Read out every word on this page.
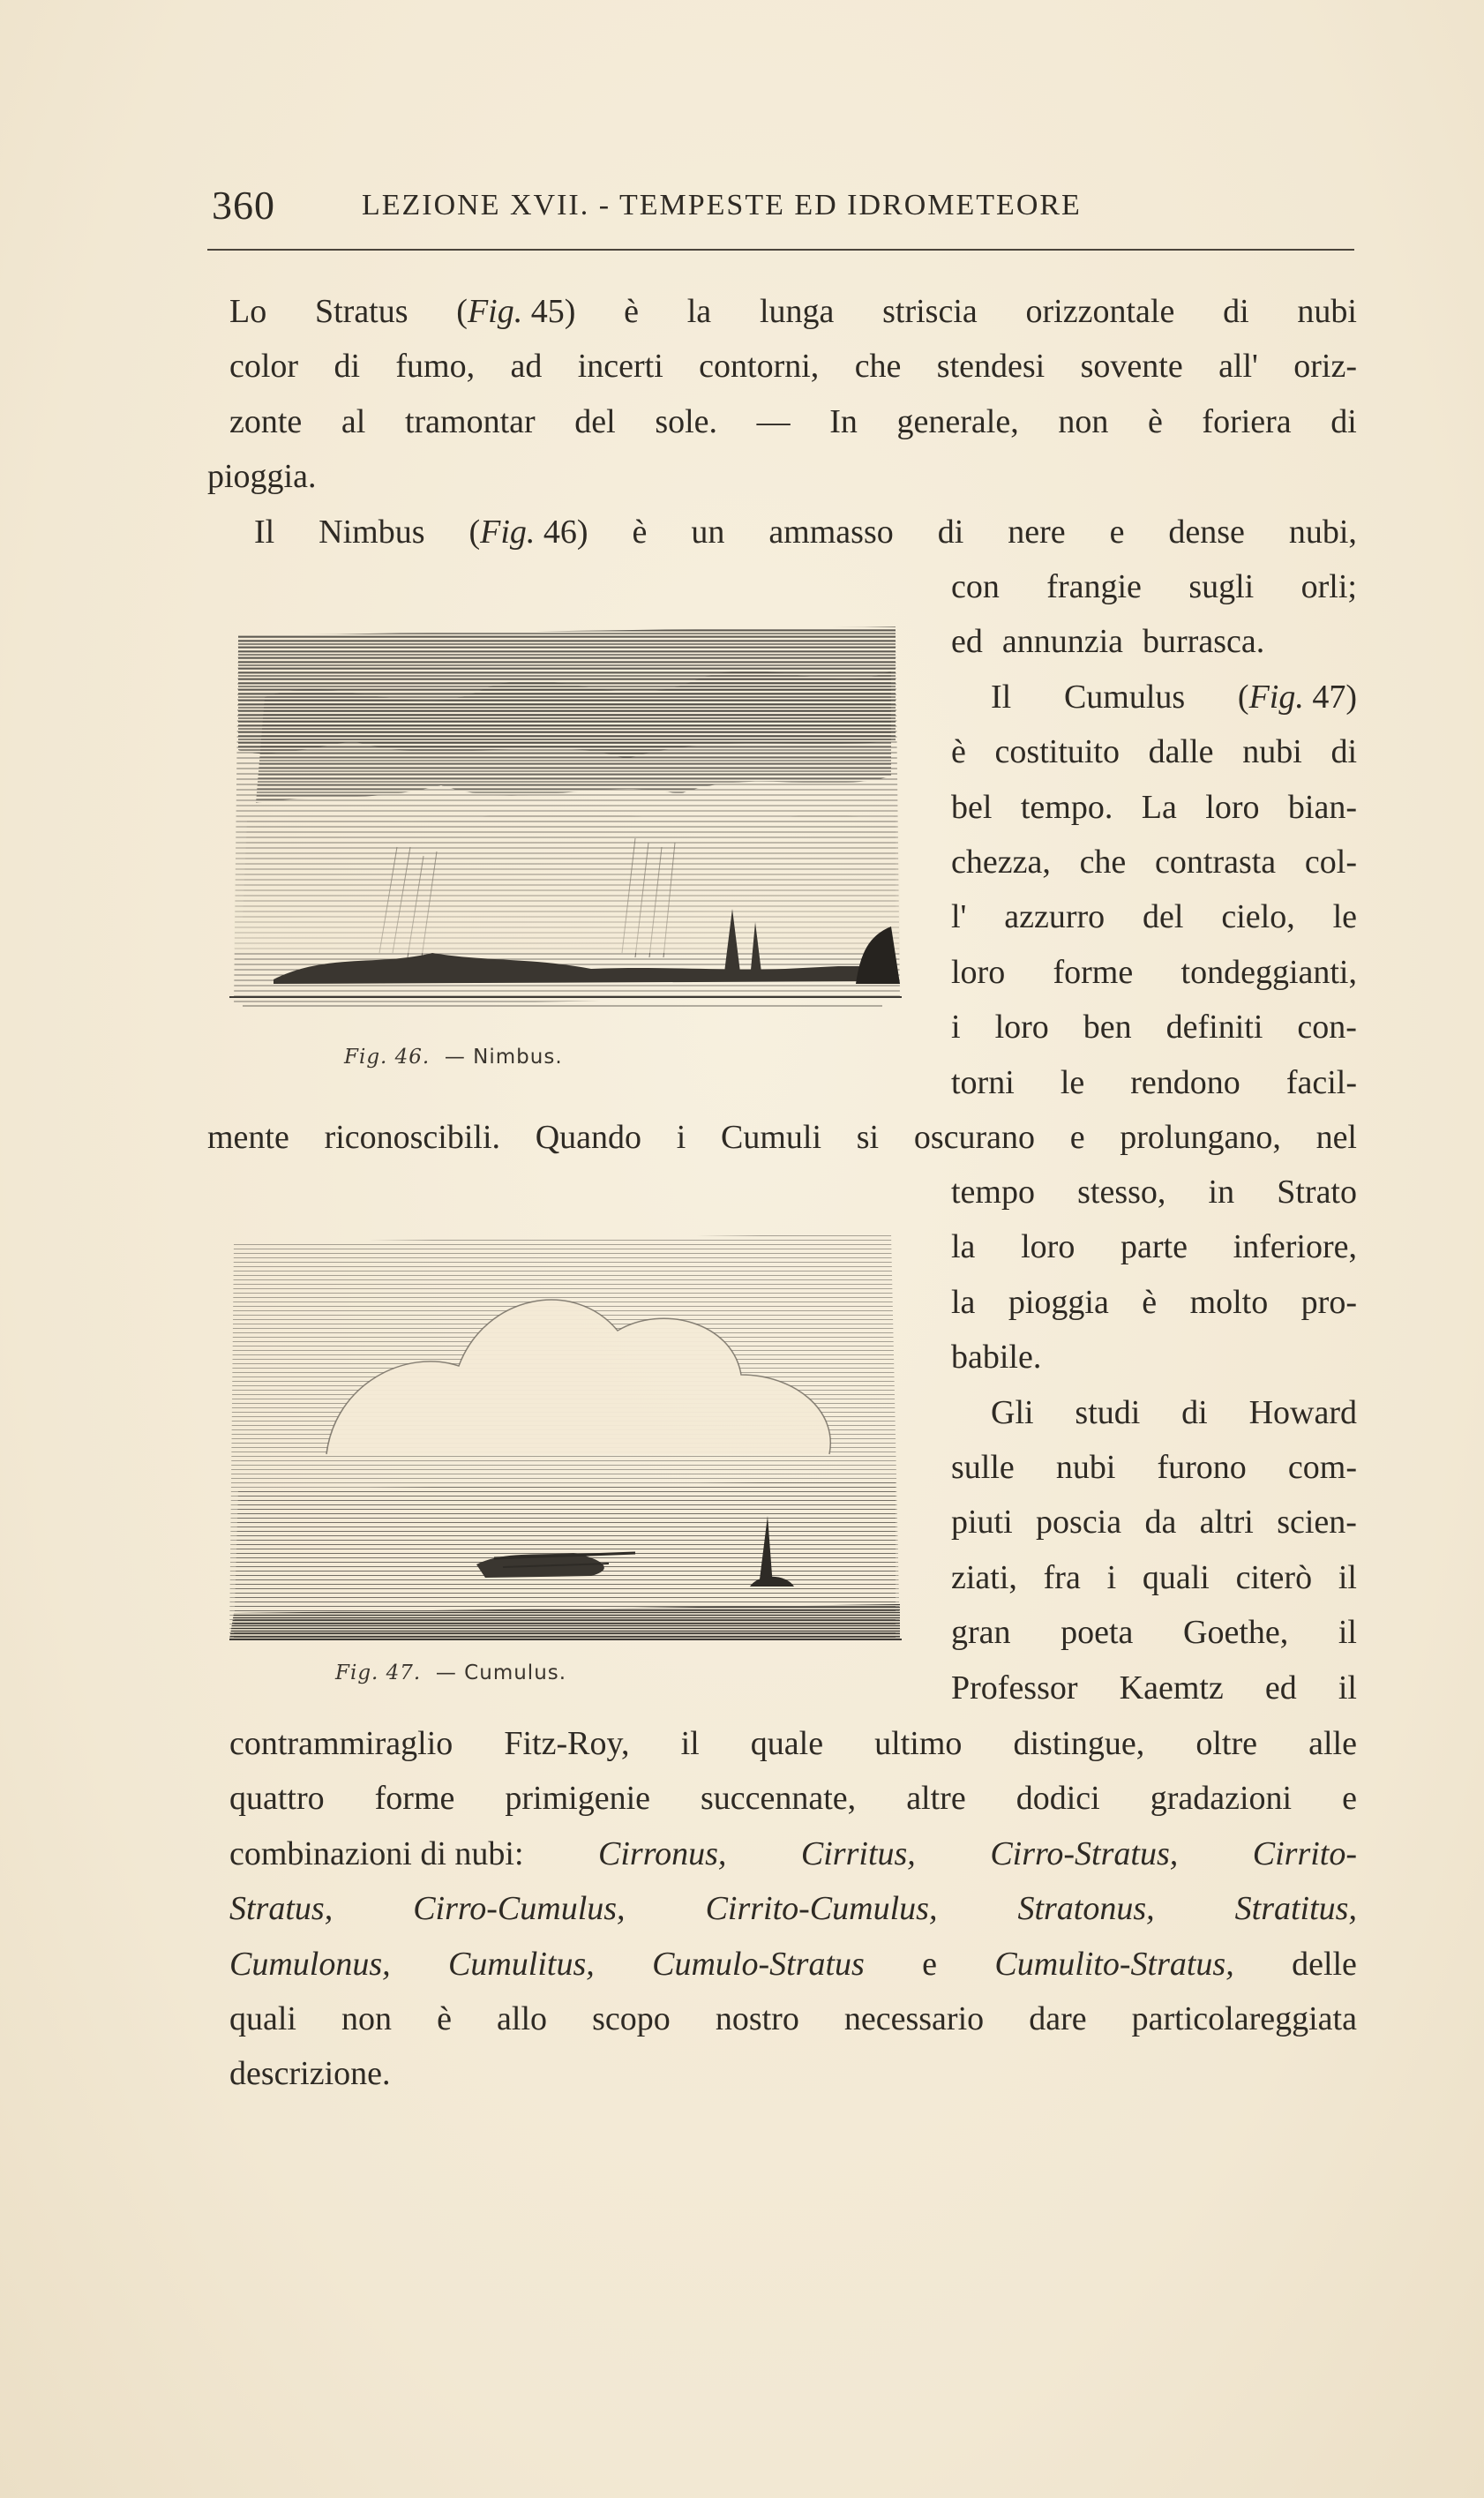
360	LEZIONE XVII. - TEMPESTE ED IDROMETEORE
Lo Stratus (Fig. 45) è la lunga striscia orizzontale di nubi
color di fumo, ad incerti contorni, che stendesi sovente all' oriz-
zonte al tramontar del sole. — In generale, non è foriera di
pioggia.
Il Nimbus (Fig. 46) è un ammasso di nere e dense nubi,
con frangie sugli orli;
ed annunzia burrasca.
Il Cumulus (Fig. 47)
è costituito dalle nubi di
bel tempo. La loro bian-
chezza, che contrasta col-
l' azzurro del cielo, le
loro forme tondeggianti,
i loro ben definiti con-
torni le rendono facil-
mente riconoscibili. Quando i Cumuli si oscurano e prolungano, nel
tempo stesso, in Strato
la loro parte inferiore,
la pioggia è molto pro-
babile.
Gli studi di Howard
sulle nubi furono com-
piuti poscia da altri scien-
ziati, fra i quali citerò il
gran poeta Goethe, il
Professor Kaemtz ed il
contrammiraglio Fitz-Roy, il quale ultimo distingue, oltre alle
quattro forme primigenie succennate, altre dodici gradazioni e
combinazioni di nubi: Cirronus, Cirritus, Cirro-Stratus, Cirrito-
Stratus, Cirro-Cumulus, Cirrito-Cumulus, Stratonus, Stratitus,
Cumulonus, Cumulitus, Cumulo-Stratus e Cumulito-Stratus, delle
quali non è allo scopo nostro necessario dare particolareggiata
descrizione.
Fig. 46. — Nimbus.
Fig. 47. — Cumulus.
